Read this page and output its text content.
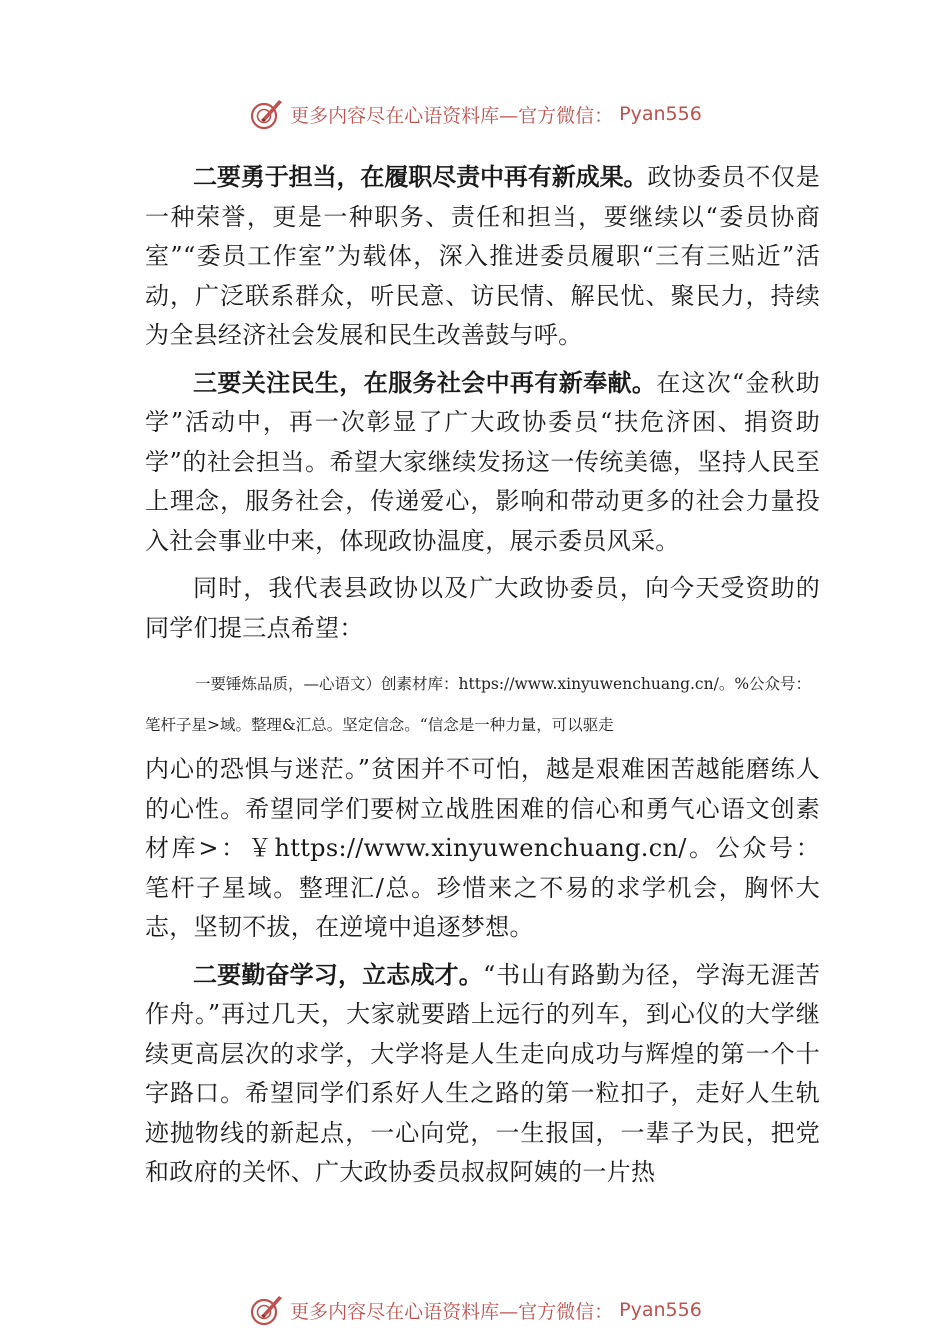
更多内容尽在心语资料库—官方微信： Pyan556

二要勇于担当，在履职尽责中再有新成果。政协委员不仅是一种荣誉，更是一种职务、责任和担当，要继续以“委员协商室”“委员工作室”为载体，深入推进委员履职“三有三贴近”活动，广泛联系群众，听民意、访民情、解民忧、聚民力，持续为全县经济社会发展和民生改善鼓与呼。

三要关注民生，在服务社会中再有新奉献。在这次“金秋助学”活动中，再一次彰显了广大政协委员“扶危济困、捐资助学”的社会担当。希望大家继续发扬这一传统美德，坚持人民至上理念，服务社会，传递爱心，影响和带动更多的社会力量投入社会事业中来，体现政协温度，展示委员风采。

同时，我代表县政协以及广大政协委员，向今天受资助的同学们提三点希望：

一要锤炼品质，—心语文）创素材库：https://www.xinyuwenchuang.cn/。%公众号：笔杆子星>域。整理&汇总。坚定信念。“信念是一种力量，可以驱走

内心的恐惧与迷茫。”贫困并不可怕，越是艰难困苦越能磨练人的心性。希望同学们要树立战胜困难的信心和勇气心语文创素材库>：￥https://www.xinyuwenchuang.cn/。公众号：笔杆子星域。整理汇/总。珍惜来之不易的求学机会，胸怀大志，坚韧不拔，在逆境中追逐梦想。

二要勤奋学习，立志成才。“书山有路勤为径，学海无涯苦作舟。”再过几天，大家就要踏上远行的列车，到心仪的大学继续更高层次的求学，大学将是人生走向成功与辉煌的第一个十字路口。希望同学们系好人生之路的第一粒扣子，走好人生轨迹抛物线的新起点，一心向党，一生报国，一辈子为民，把党和政府的关怀、广大政协委员叔叔阿姨的一片热

更多内容尽在心语资料库—官方微信： Pyan556
